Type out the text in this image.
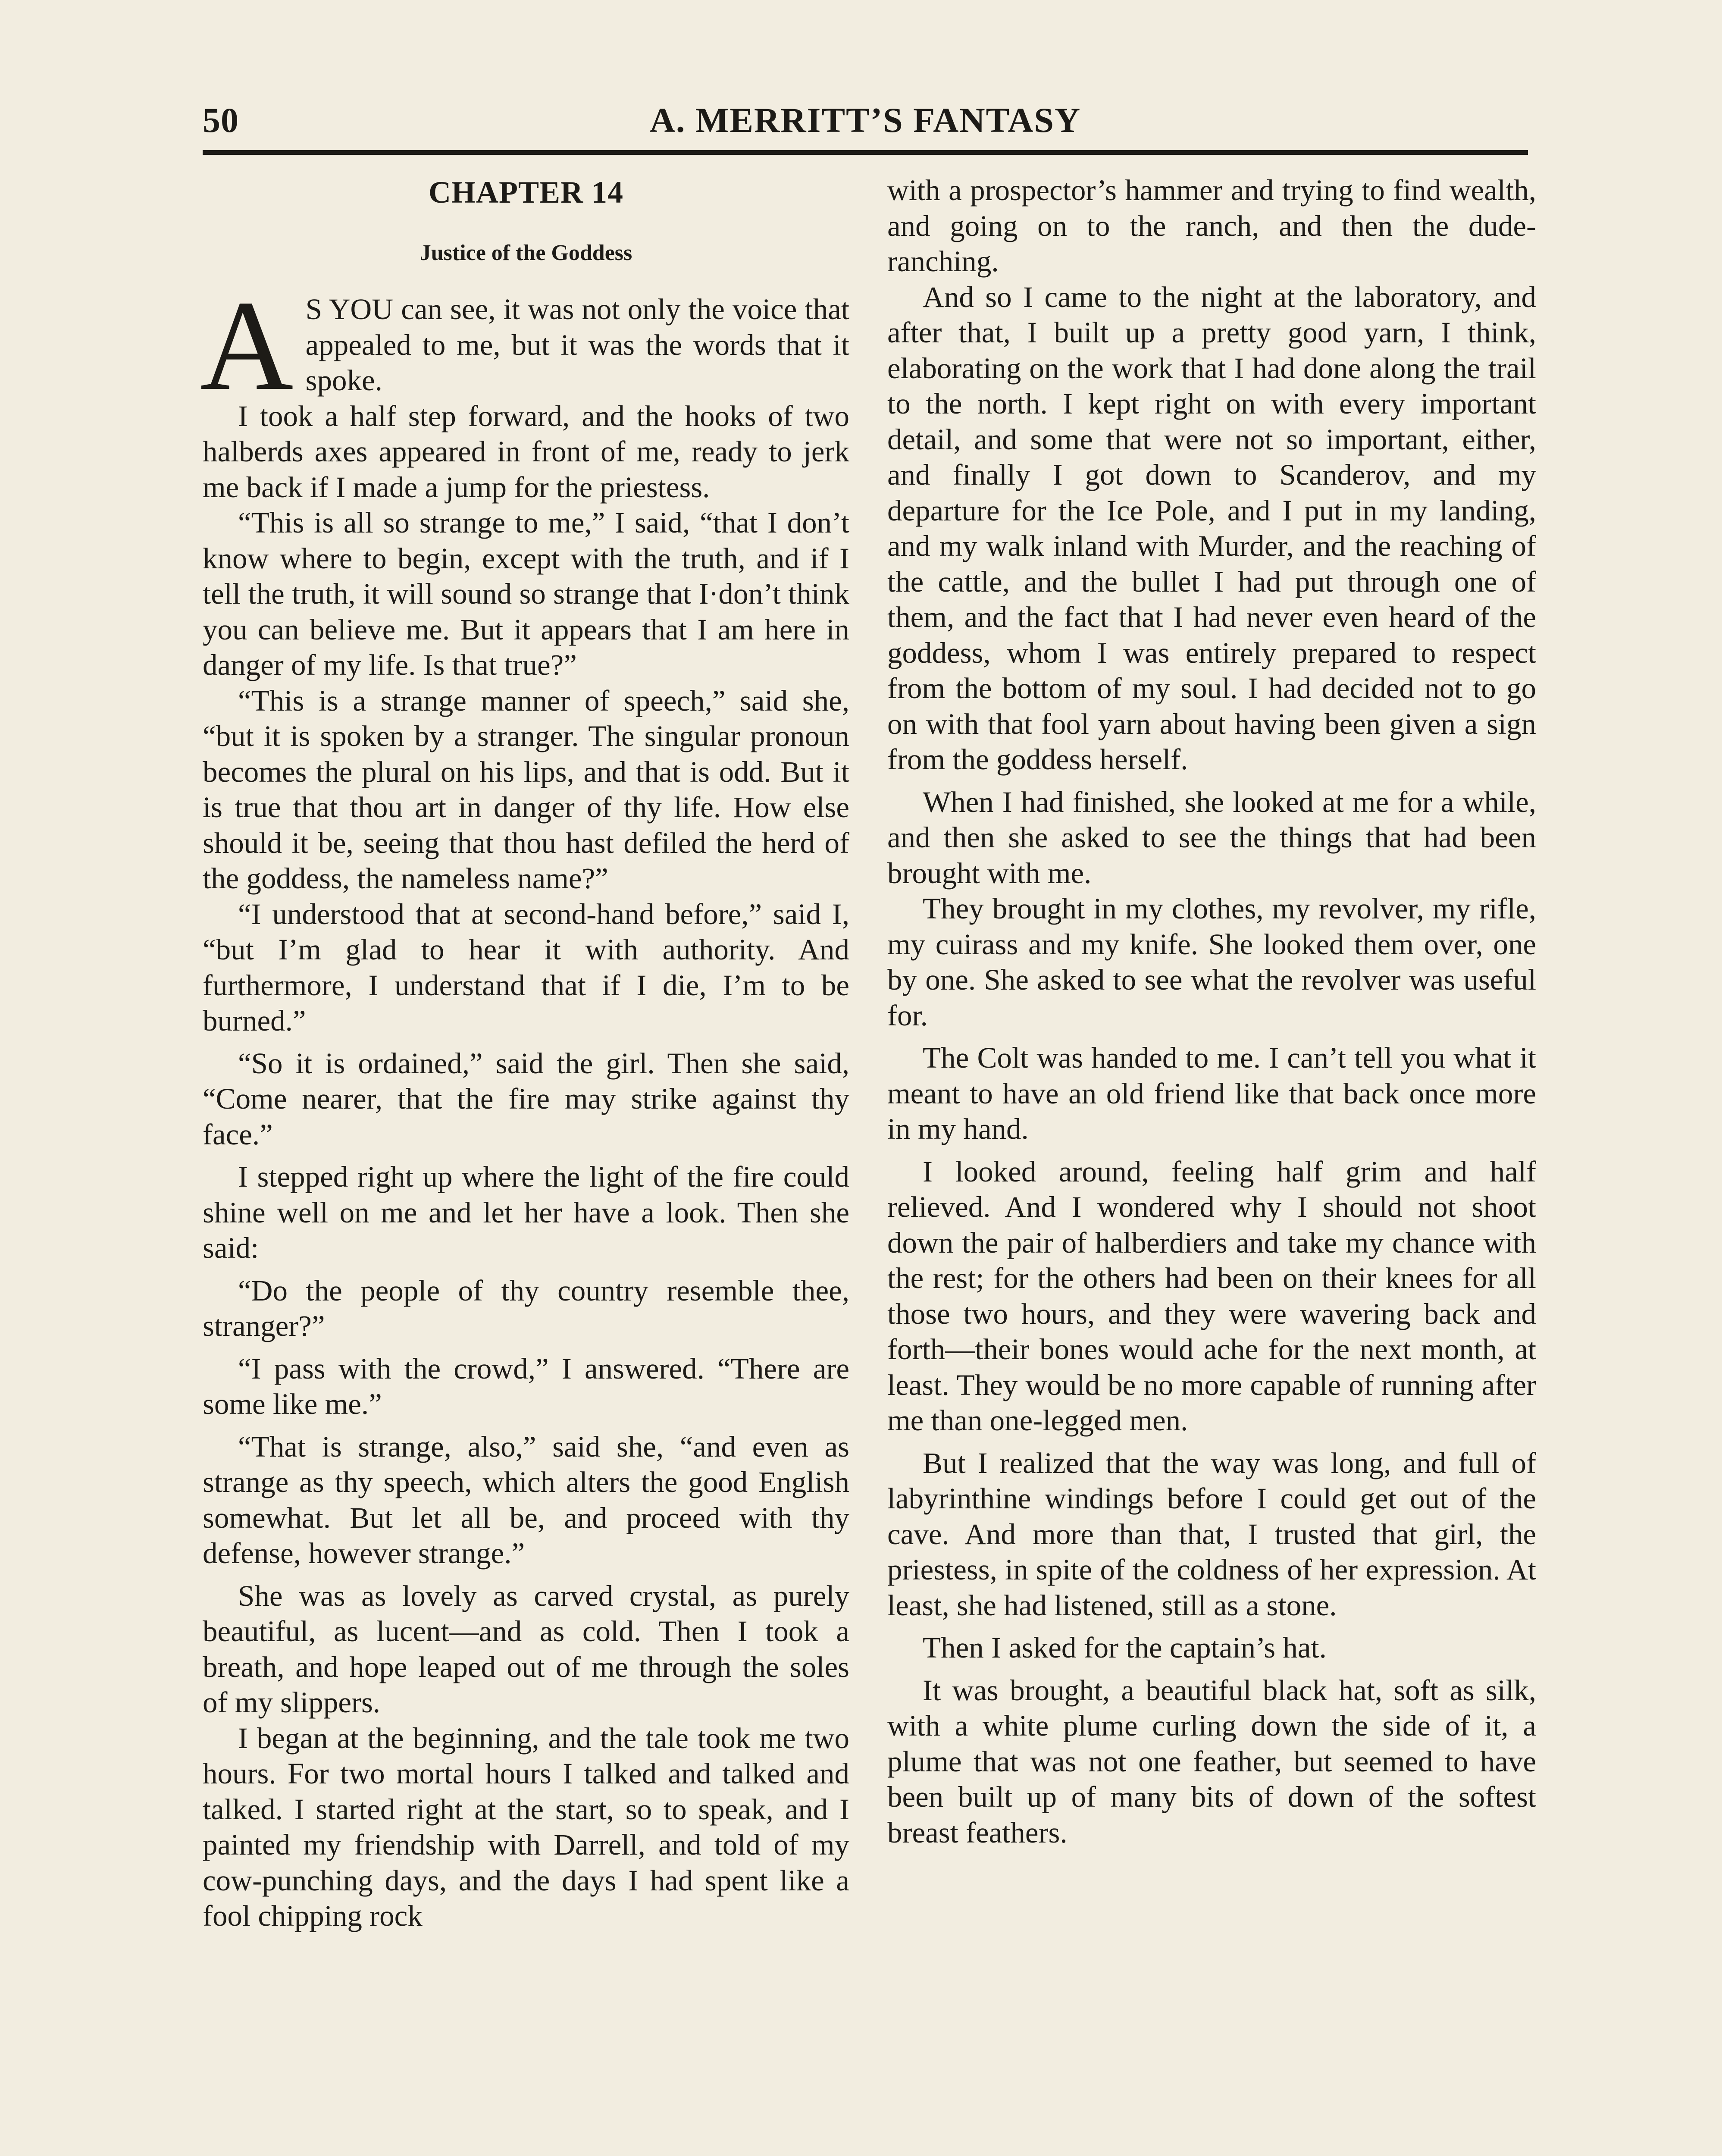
50	A. MERRITT’S FANTASY
CHAPTER 14
Justice of the Goddess

A S YOU can see, it was not only the voice that appealed to me, but it was the words that it spoke.

I took a half step forward, and the hooks of two halberds axes appeared in front of me, ready to jerk me back if I made a jump for the priestess.

“This is all so strange to me,” I said, “that I don’t know where to begin, except with the truth, and if I tell the truth, it will sound so strange that I·don’t think you can believe me. But it appears that I am here in danger of my life. Is that true?”

“This is a strange manner of speech,” said she, “but it is spoken by a stranger. The singular pronoun becomes the plural on his lips, and that is odd. But it is true that thou art in danger of thy life. How else should it be, seeing that thou hast defiled the herd of the goddess, the nameless name?”

“I understood that at second-hand before,” said I, “but I’m glad to hear it with authority. And furthermore, I understand that if I die, I’m to be burned.”

“So it is ordained,” said the girl. Then she said, “Come nearer, that the fire may strike against thy face.”

I stepped right up where the light of the fire could shine well on me and let her have a look. Then she said:

“Do the people of thy country resemble thee, stranger?”

“I pass with the crowd,” I answered. “There are some like me.”

“That is strange, also,” said she, “and even as strange as thy speech, which alters the good English somewhat. But let all be, and proceed with thy defense, however strange.”

She was as lovely as carved crystal, as purely beautiful, as lucent—and as cold. Then I took a breath, and hope leaped out of me through the soles of my slippers.

I began at the beginning, and the tale took me two hours. For two mortal hours I talked and talked and talked. I started right at the start, so to speak, and I painted my friendship with Darrell, and told of my cow-punching days, and the days I had spent like a fool chipping rock

with a prospector’s hammer and trying to find wealth, and going on to the ranch, and then the dude-ranching.

And so I came to the night at the laboratory, and after that, I built up a pretty good yarn, I think, elaborating on the work that I had done along the trail to the north. I kept right on with every important detail, and some that were not so important, either, and finally I got down to Scanderov, and my departure for the Ice Pole, and I put in my landing, and my walk inland with Murder, and the reaching of the cattle, and the bullet I had put through one of them, and the fact that I had never even heard of the goddess, whom I was entirely prepared to respect from the bottom of my soul. I had decided not to go on with that fool yarn about having been given a sign from the goddess herself.

When I had finished, she looked at me for a while, and then she asked to see the things that had been brought with me.

They brought in my clothes, my revolver, my rifle, my cuirass and my knife. She looked them over, one by one. She asked to see what the revolver was useful for.

The Colt was handed to me. I can’t tell you what it meant to have an old friend like that back once more in my hand.

I looked around, feeling half grim and half relieved. And I wondered why I should not shoot down the pair of halberdiers and take my chance with the rest; for the others had been on their knees for all those two hours, and they were wavering back and forth—their bones would ache for the next month, at least. They would be no more capable of running after me than one-legged men.

But I realized that the way was long, and full of labyrinthine windings before I could get out of the cave. And more than that, I trusted that girl, the priestess, in spite of the coldness of her expression. At least, she had listened, still as a stone.

Then I asked for the captain’s hat.

It was brought, a beautiful black hat, soft as silk, with a white plume curling down the side of it, a plume that was not one feather, but seemed to have been built up of many bits of down of the softest breast feathers.
